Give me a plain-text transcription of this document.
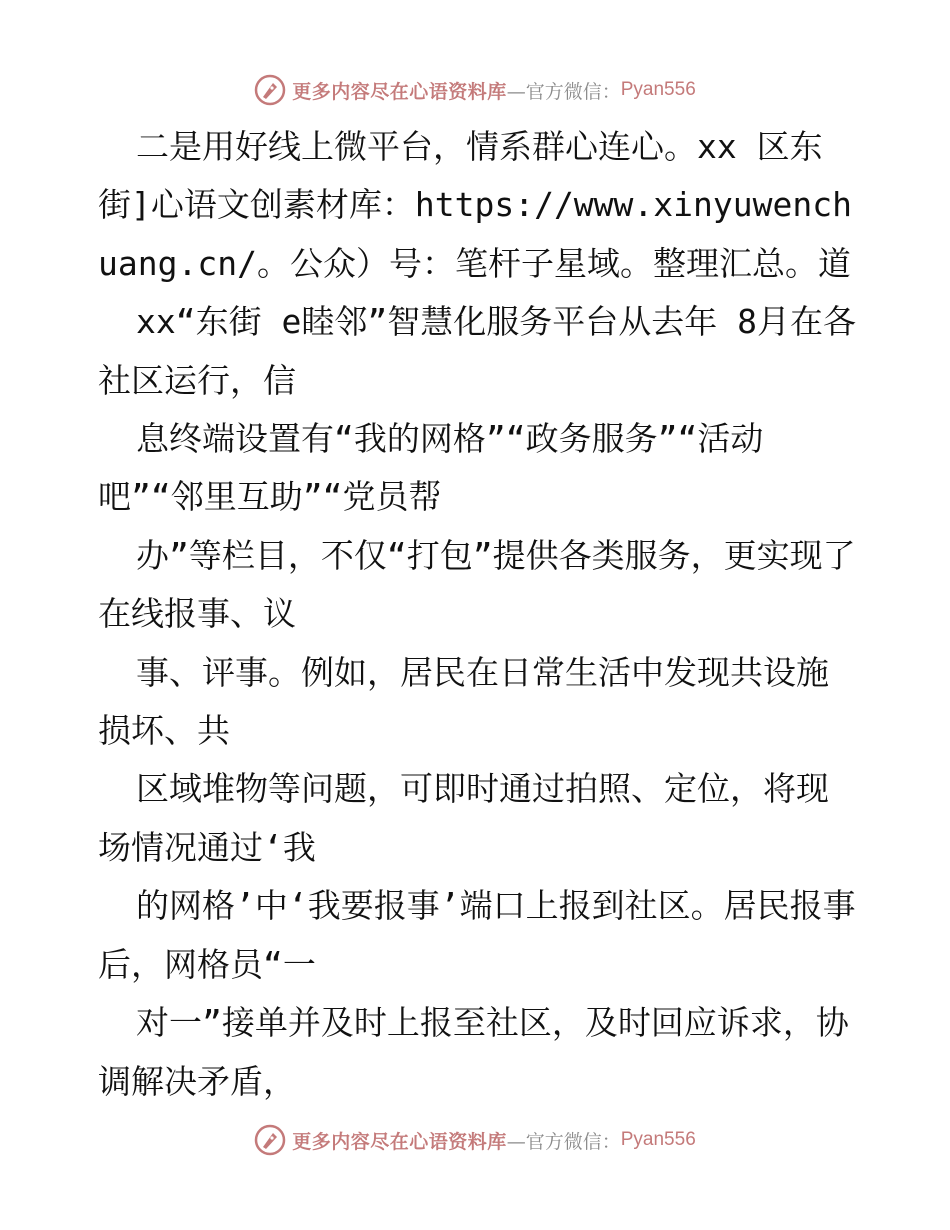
更多内容尽在心语资料库 —官方微信： Pyan556

二是用好线上微平台，情系群心连心。xx 区东街]心语文创素材库：https://www.xinyuwenchuang.cn/。公众）号：笔杆子星域。整理汇总。道

xx“东街 e睦邻”智慧化服务平台从去年 8月在各社区运行，信

息终端设置有“我的网格”“政务服务”“活动吧”“邻里互助”“党员帮

办”等栏目，不仅“打包”提供各类服务，更实现了在线报事、议

事、评事。例如，居民在日常生活中发现共设施损坏、共

区域堆物等问题，可即时通过拍照、定位，将现场情况通过‘我

的网格’中‘我要报事’端口上报到社区。居民报事后，网格员“一

对一”接单并及时上报至社区，及时回应诉求，协调解决矛盾，

更多内容尽在心语资料库 —官方微信： Pyan556
